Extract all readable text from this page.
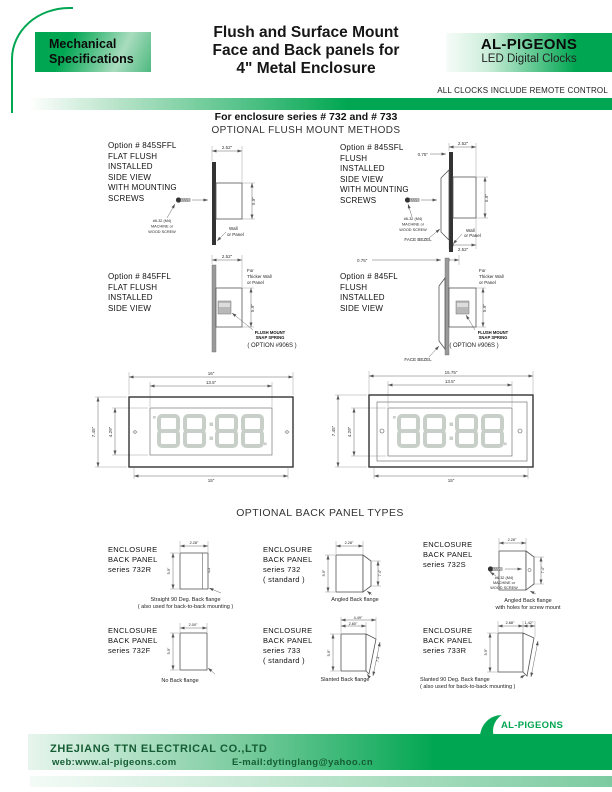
Mechanical
Specifications
Flush and Surface Mount
Face and Back panels for
4" Metal Enclosure
AL-PIGEONS
LED Digital Clocks
ALL CLOCKS INCLUDE REMOTE CONTROL
For enclosure series # 732 and # 733
OPTIONAL FLUSH MOUNT METHODS
Option # 845SFFL
FLAT FLUSH
INSTALLED
SIDE VIEW
WITH MOUNTING
SCREWS
2.52"
5.9"
#6-32 (M4)
MACHINE or
WOOD SCREW
Wall
or Panel
Option # 845SFL
FLUSH
INSTALLED
SIDE VIEW
WITH MOUNTING
SCREWS
0.75"
2.52"
5.9"
2.52"
#6-32 (M4)
MACHINE or
WOOD SCREW
FACE BEZEL
Wall
or Panel
Option # 845FFL
FLAT FLUSH
INSTALLED
SIDE VIEW
2.52"
5.9"
For
Thicker Wall
or Panel
FLUSH MOUNT
SNAP SPRING
( OPTION #906S )
Option # 845FL
FLUSH
INSTALLED
SIDE VIEW
0.75"
5.9"
For
Thicker Wall
or Panel
FLUSH MOUNT
SNAP SPRING
( OPTION #906S )
FACE BEZEL
16"
13.5"
7.45"	4.29"
15"
15.75"
13.5"
7.45" 4.29"
15"
OPTIONAL BACK PANEL TYPES
ENCLOSURE
BACK PANEL
series 732R
2.28"
5.9"
Straight 90 Deg. Back flange
( also used for back-to-back mounting )
ENCLOSURE
BACK PANEL
series 732
( standard )
2.28"
5.9"	7.4"
Angled Back flange
ENCLOSURE
BACK PANEL
series 732S
2.28"
7.4"
#6-32 (M4)
MACHINE or
WOOD SCREW
Angled Back flange
with holes for screw mount
ENCLOSURE
BACK PANEL
series 732F
2.00"
5.9"
No Back flange
ENCLOSURE
BACK PANEL
series 733
( standard )
4.49"
2.80"
5.9"
7.4"
Slanted Back flange
ENCLOSURE
BACK PANEL
series 733R
2.88"	1.42"
5.9"
Slanted 90 Deg. Back flange
( also used for back-to-back mounting )
ZHEJIANG TTN ELECTRICAL CO.,LTD
web:www.al-pigeons.com	E-mail:dytinglang@yahoo.cn
★
AL-PIGEONS
